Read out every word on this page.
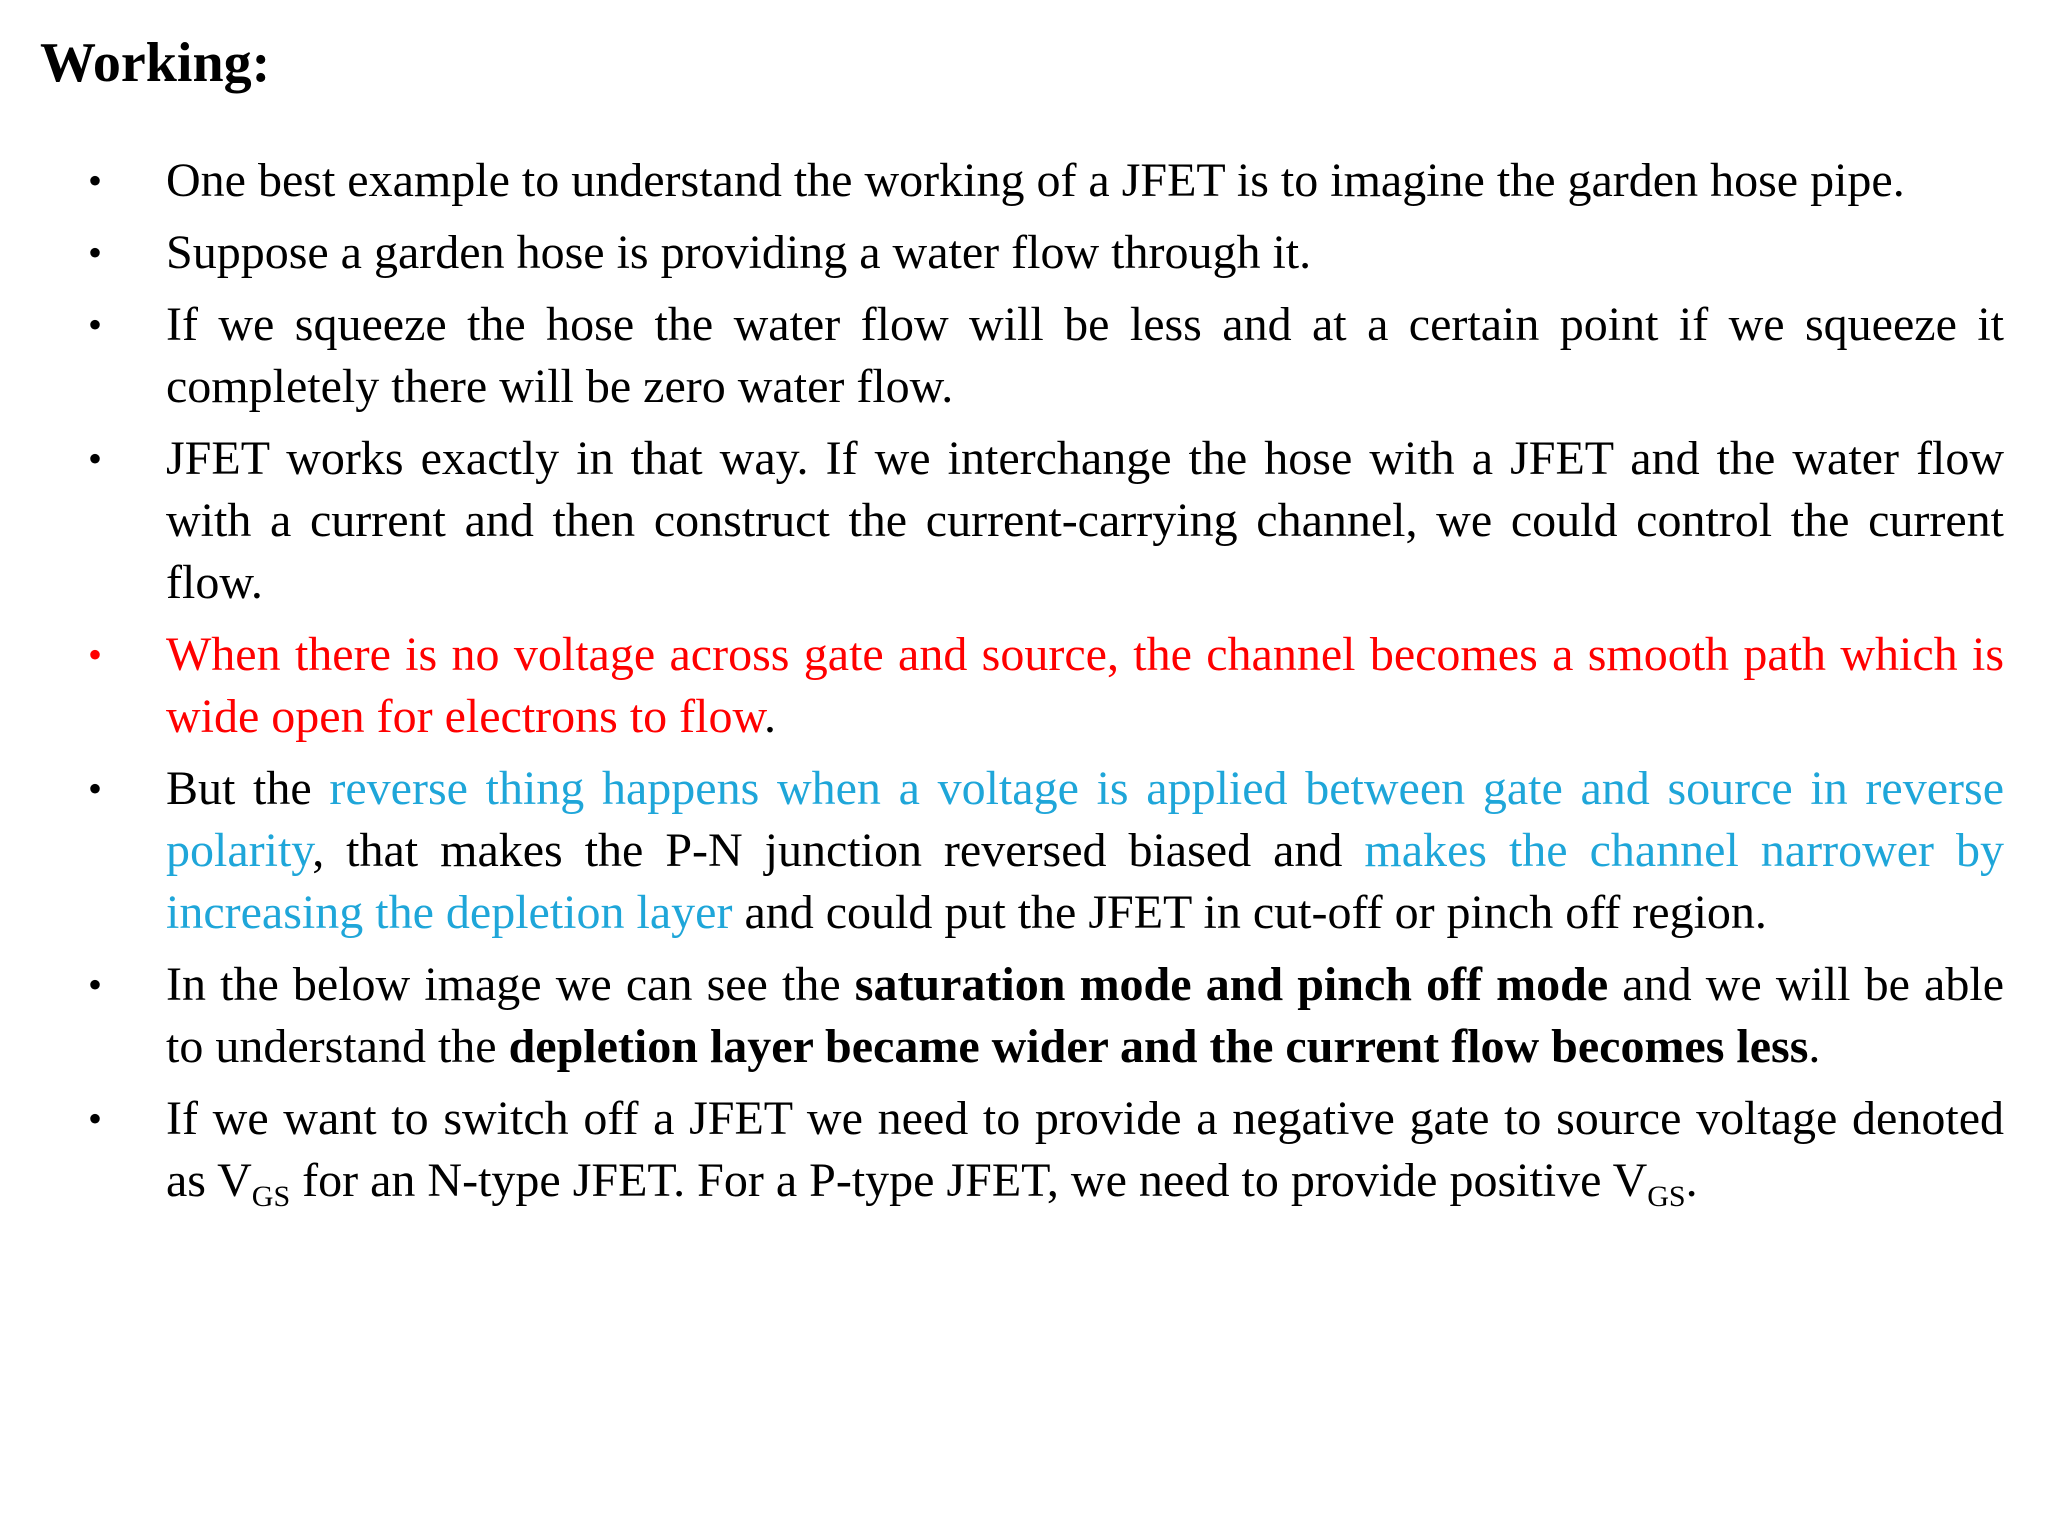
Working:
• One best example to understand the working of a JFET is to imagine the garden hose pipe.
• Suppose a garden hose is providing a water flow through it.
• If we squeeze the hose the water flow will be less and at a certain point if we squeeze it completely there will be zero water flow.
• JFET works exactly in that way. If we interchange the hose with a JFET and the water flow with a current and then construct the current-carrying channel, we could control the current flow.
• When there is no voltage across gate and source, the channel becomes a smooth path which is wide open for electrons to flow.
• But the reverse thing happens when a voltage is applied between gate and source in reverse polarity, that makes the P-N junction reversed biased and makes the channel narrower by increasing the depletion layer and could put the JFET in cut-off or pinch off region.
• In the below image we can see the saturation mode and pinch off mode and we will be able to understand the depletion layer became wider and the current flow becomes less.
• If we want to switch off a JFET we need to provide a negative gate to source voltage denoted as $V_{GS}$ for an N-type JFET. For a P-type JFET, we need to provide positive $V_{GS}$.
